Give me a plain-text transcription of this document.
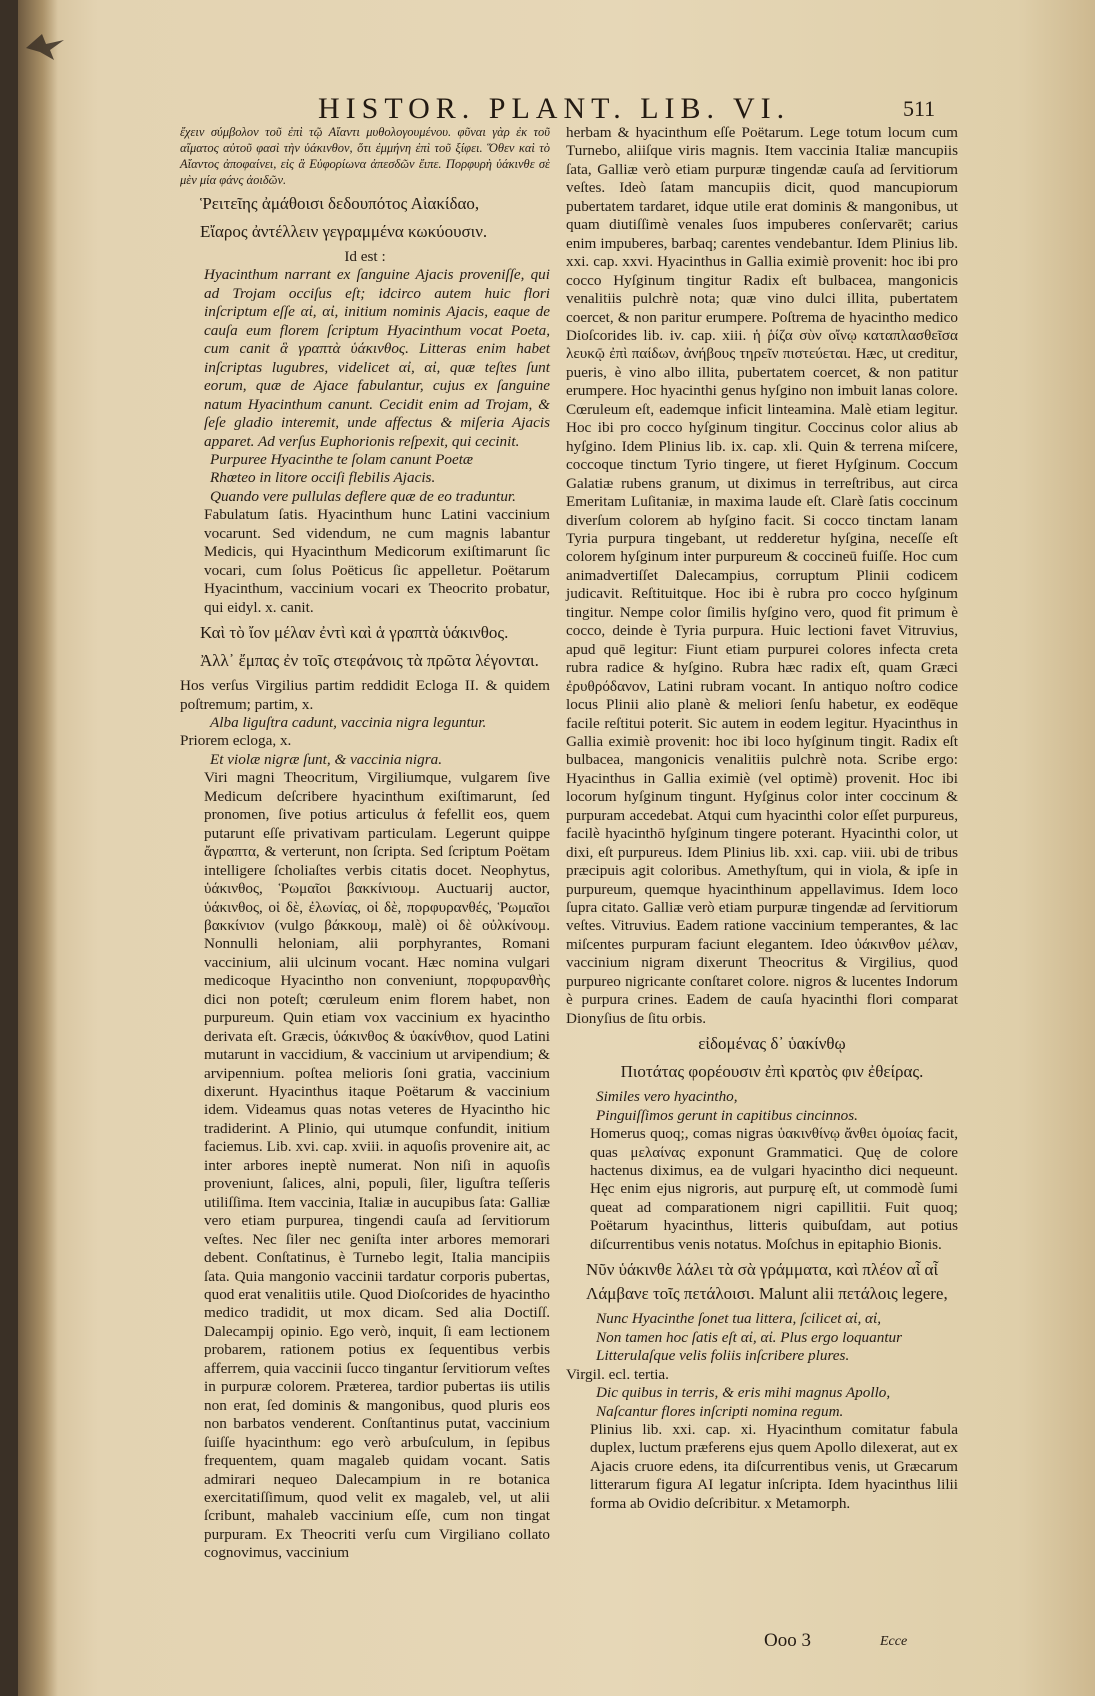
HISTOR. PLANT. LIB. VI.	511

ἔχειν σύμβολον τοῦ ἐπὶ τῷ Αἴαντι μυθολογουμένου. φῦναι γὰρ ἐκ τοῦ αἵματος αὐτοῦ φασὶ τὴν ὑάκινθον, ὅτι ἐμμήνη ἐπὶ τοῦ ξίφει. Ὅθεν καὶ τὸ Αἴαντος ἀποφαίνει, εἰς ἃ Εὐφορίωνα ἀπεσδῶν ἔιπε. Πορφυρὴ ὑάκινθε σὲ μὲν μία φάνς ἀοιδῶν.

Ῥειτεῖης ἀμάθοισι δεδουπότος Αἰακίδαο,

Εἴαρος ἀντέλλειν γεγραμμένα κωκύουσιν.

Id est :

Hyacinthum narrant ex ſanguine Ajacis proveniſſe, qui ad Trojam occiſus eſt; idcirco autem huic flori inſcriptum eſſe αἰ, αἰ, initium nominis Ajacis, eaque de cauſa eum florem ſcriptum Hyacinthum vocat Poeta, cum canit ἃ γραπτὰ ὑάκινθος. Litteras enim habet inſcriptas lugubres, videlicet αἰ, αἰ, quæ teſtes ſunt eorum, quæ de Ajace fabulantur, cujus ex ſanguine natum Hyacinthum canunt. Cecidit enim ad Trojam, & ſeſe gladio interemit, unde affectus & miſeria Ajacis apparet. Ad verſus Euphorionis reſpexit, qui cecinit.

Purpuree Hyacinthe te ſolam canunt Poetæ

Rhœteo in litore occiſi flebilis Ajacis.

Quando vere pullulas deflere quæ de eo traduntur.

Fabulatum ſatis. Hyacinthum hunc Latini vaccinium vocarunt. Sed videndum, ne cum magnis labantur Medicis, qui Hyacinthum Medicorum exiſtimarunt ſic vocari, cum ſolus Poëticus ſic appelletur. Poëtarum Hyacinthum, vaccinium vocari ex Theocrito probatur, qui eidyl. x. canit.

Καὶ τὸ ἴον μέλαν ἐντὶ καὶ ἁ γραπτὰ ὑάκινθος.

Ἀλλ᾽ ἔμπας ἐν τοῖς στεφάνοις τὰ πρῶτα λέγονται.

Hos verſus Virgilius partim reddidit Ecloga II. & quidem poſtremum; partim, x.

Alba liguſtra cadunt, vaccinia nigra leguntur.

Priorem ecloga, x.

Et violæ nigræ ſunt, & vaccinia nigra.

Viri magni Theocritum, Virgiliumque, vulgarem ſive Medicum deſcribere hyacinthum exiſtimarunt, ſed pronomen, ſive potius articulus ἁ fefellit eos, quem putarunt eſſe privativam particulam. Legerunt quippe ἄγραπτα, & verterunt, non ſcripta. Sed ſcriptum Poëtam intelligere ſcholiaſtes verbis citatis docet. Neophytus, ὑάκινθος, Ῥωμαῖοι βακκίνιουμ. Auctuarij auctor, ὑάκινθος, οἱ δὲ, ἐλωνίας, οἱ δὲ, πορφυρανθές, Ῥωμαῖοι βακκίνιον (vulgo βάκκουμ, malè) οἱ δὲ οὐλκίνουμ. Nonnulli heloniam, alii porphyrantes, Romani vaccinium, alii ulcinum vocant. Hæc nomina vulgari medicoque Hyacintho non conveniunt, πορφυρανθὴς dici non poteſt; cœruleum enim florem habet, non purpureum. Quin etiam vox vaccinium ex hyacintho derivata eſt. Græcis, ὑάκινθος & ὑακίνθιον, quod Latini mutarunt in vaccidium, & vaccinium ut arvipendium; & arvipennium. poſtea melioris ſoni gratia, vaccinium dixerunt. Hyacinthus itaque Poëtarum & vaccinium idem. Videamus quas notas veteres de Hyacintho hic tradiderint. A Plinio, qui utumque confundit, initium faciemus. Lib. xvi. cap. xviii. in aquoſis provenire ait, ac inter arbores ineptè numerat. Non niſi in aquoſis proveniunt, ſalices, alni, populi, ſiler, liguſtra teſſeris utiliſſima. Item vaccinia, Italiæ in aucupibus ſata: Galliæ vero etiam purpurea, tingendi cauſa ad ſervitiorum veſtes. Nec ſiler nec geniſta inter arbores memorari debent. Conſtatinus, è Turnebo legit, Italia mancipiis ſata. Quia mangonio vaccinii tardatur corporis pubertas, quod erat venalitiis utile. Quod Dioſcorides de hyacintho medico tradidit, ut mox dicam. Sed alia Doctiſſ. Dalecampij opinio. Ego verò, inquit, ſi eam lectionem probarem, rationem potius ex ſequentibus verbis afferrem, quia vaccinii ſucco tingantur ſervitiorum veſtes in purpuræ colorem. Præterea, tardior pubertas iis utilis non erat, ſed dominis & mangonibus, quod pluris eos non barbatos venderent. Conſtantinus putat, vaccinium ſuiſſe hyacinthum: ego verò arbuſculum, in ſepibus frequentem, quam magaleb quidam vocant. Satis admirari nequeo Dalecampium in re botanica exercitatiſſimum, quod velit ex magaleb, vel, ut alii ſcribunt, mahaleb vaccinium eſſe, cum non tingat purpuram. Ex Theocriti verſu cum Virgiliano collato cognovimus, vaccinium

herbam & hyacinthum eſſe Poëtarum. Lege totum locum cum Turnebo, aliiſque viris magnis. Item vaccinia Italiæ mancupiis ſata, Galliæ verò etiam purpuræ tingendæ cauſa ad ſervitiorum veſtes. Ideò ſatam mancupiis dicit, quod mancupiorum pubertatem tardaret, idque utile erat dominis & mangonibus, ut quam diutiſſimè venales ſuos impuberes conſervarēt; carius enim impuberes, barbaq; carentes vendebantur. Idem Plinius lib. xxi. cap. xxvi. Hyacinthus in Gallia eximiè provenit: hoc ibi pro cocco Hyſginum tingitur Radix eſt bulbacea, mangonicis venalitiis pulchrè nota; quæ vino dulci illita, pubertatem coercet, & non paritur erumpere. Poſtrema de hyacintho medico Dioſcorides lib. iv. cap. xiii. ἡ ῥίζα σὺν οἴνῳ καταπλασθεῖσα λευκῷ ἐπὶ παίδων, ἀνήβους τηρεῖν πιστεύεται. Hæc, ut creditur, pueris, è vino albo illita, pubertatem coercet, & non patitur erumpere. Hoc hyacinthi genus hyſgino non imbuit lanas colore. Cœruleum eſt, eademque inficit linteamina. Malè etiam legitur. Hoc ibi pro cocco hyſginum tingitur. Coccinus color alius ab hyſgino. Idem Plinius lib. ix. cap. xli. Quin & terrena miſcere, coccoque tinctum Tyrio tingere, ut fieret Hyſginum. Coccum Galatiæ rubens granum, ut diximus in terreſtribus, aut circa Emeritam Luſitaniæ, in maxima laude eſt. Clarè ſatis coccinum diverſum colorem ab hyſgino facit. Si cocco tinctam lanam Tyria purpura tingebant, ut redderetur hyſgina, neceſſe eſt colorem hyſginum inter purpureum & coccineū fuiſſe. Hoc cum animadvertiſſet Dalecampius, corruptum Plinii codicem judicavit. Reſtituitque. Hoc ibi è rubra pro cocco hyſginum tingitur. Nempe color ſimilis hyſgino vero, quod fit primum è cocco, deinde è Tyria purpura. Huic lectioni favet Vitruvius, apud quē legitur: Fiunt etiam purpurei colores infecta creta rubra radice & hyſgino. Rubra hæc radix eſt, quam Græci ἐρυθρόδανον, Latini rubram vocant. In antiquo noſtro codice locus Plinii alio planè & meliori ſenſu habetur, ex eodēque facile reſtitui poterit. Sic autem in eodem legitur. Hyacinthus in Gallia eximiè provenit: hoc ibi loco hyſginum tingit. Radix eſt bulbacea, mangonicis venalitiis pulchrè nota. Scribe ergo: Hyacinthus in Gallia eximiè (vel optimè) provenit. Hoc ibi locorum hyſginum tingunt. Hyſginus color inter coccinum & purpuram accedebat. Atqui cum hyacinthi color eſſet purpureus, facilè hyacinthō hyſginum tingere poterant. Hyacinthi color, ut dixi, eſt purpureus. Idem Plinius lib. xxi. cap. viii. ubi de tribus præcipuis agit coloribus. Amethyſtum, qui in viola, & ipſe in purpureum, quemque hyacinthinum appellavimus. Idem loco ſupra citato. Galliæ verò etiam purpuræ tingendæ ad ſervitiorum veſtes. Vitruvius. Eadem ratione vaccinium temperantes, & lac miſcentes purpuram faciunt elegantem. Ideo ὑάκινθον μέλαν, vaccinium nigram dixerunt Theocritus & Virgilius, quod purpureo nigricante conſtaret colore. nigros & lucentes Indorum è purpura crines. Eadem de cauſa hyacinthi flori comparat Dionyſius de ſitu orbis.

εἰδομένας δ᾽ ὑακίνθῳ

Πιοτάτας φορέουσιν ἐπὶ κρατὸς φιν ἐθείρας.

Similes vero hyacintho,

Pinguiſſimos gerunt in capitibus cincinnos.

Homerus quoq;, comas nigras ὑακινθίνῳ ἄνθει ὁμοίας facit, quas μελαίνας exponunt Grammatici. Quę de colore hactenus diximus, ea de vulgari hyacintho dici nequeunt. Hęc enim ejus nigroris, aut purpurę eſt, ut commodè ſumi queat ad comparationem nigri capillitii. Fuit quoq; Poëtarum hyacinthus, litteris quibuſdam, aut potius diſcurrentibus venis notatus. Moſchus in epitaphio Bionis.

Νῦν ὑάκινθε λάλει τὰ σὰ γράμματα, καὶ πλέον αἶ αἶ Λάμβανε τοῖς πετάλοισι. Malunt alii πετάλοις legere,

Nunc Hyacinthe ſonet tua littera, ſcilicet αἰ, αἰ,

Non tamen hoc ſatis eſt αἰ, αἰ. Plus ergo loquantur

Litterulaſque velis foliis inſcribere plures.

Virgil. ecl. tertia.

Dic quibus in terris, & eris mihi magnus Apollo,

Naſcantur flores inſcripti nomina regum.

Plinius lib. xxi. cap. xi. Hyacinthum comitatur fabula duplex, luctum præferens ejus quem Apollo dilexerat, aut ex Ajacis cruore edens, ita diſcurrentibus venis, ut Græcarum litterarum figura AI legatur inſcripta. Idem hyacinthus lilii forma ab Ovidio deſcribitur. x Metamorph.

Ooo 3	Ecce
